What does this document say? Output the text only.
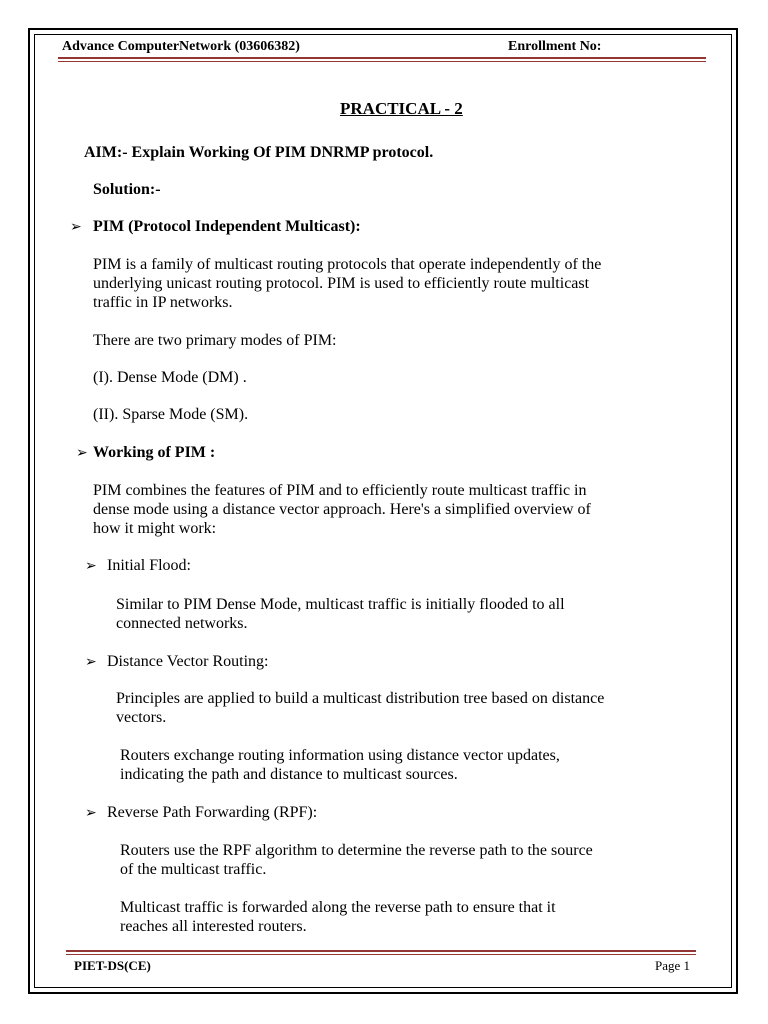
Advance ComputerNetwork (03606382)	Enrollment No:
PRACTICAL - 2
AIM:- Explain Working Of PIM DNRMP protocol.
Solution:-
➢ PIM (Protocol Independent Multicast):
PIM is a family of multicast routing protocols that operate independently of the
underlying unicast routing protocol. PIM is used to efficiently route multicast
traffic in IP networks.
There are two primary modes of PIM:
(I). Dense Mode (DM) .
(II). Sparse Mode (SM).
➢ Working of PIM :
PIM combines the features of PIM and to efficiently route multicast traffic in
dense mode using a distance vector approach. Here's a simplified overview of
how it might work:
➢ Initial Flood:
Similar to PIM Dense Mode, multicast traffic is initially flooded to all
connected networks.
➢ Distance Vector Routing:
Principles are applied to build a multicast distribution tree based on distance
vectors.
Routers exchange routing information using distance vector updates,
indicating the path and distance to multicast sources.
➢ Reverse Path Forwarding (RPF):
Routers use the RPF algorithm to determine the reverse path to the source
of the multicast traffic.
Multicast traffic is forwarded along the reverse path to ensure that it
reaches all interested routers.
PIET-DS(CE)	Page 1
